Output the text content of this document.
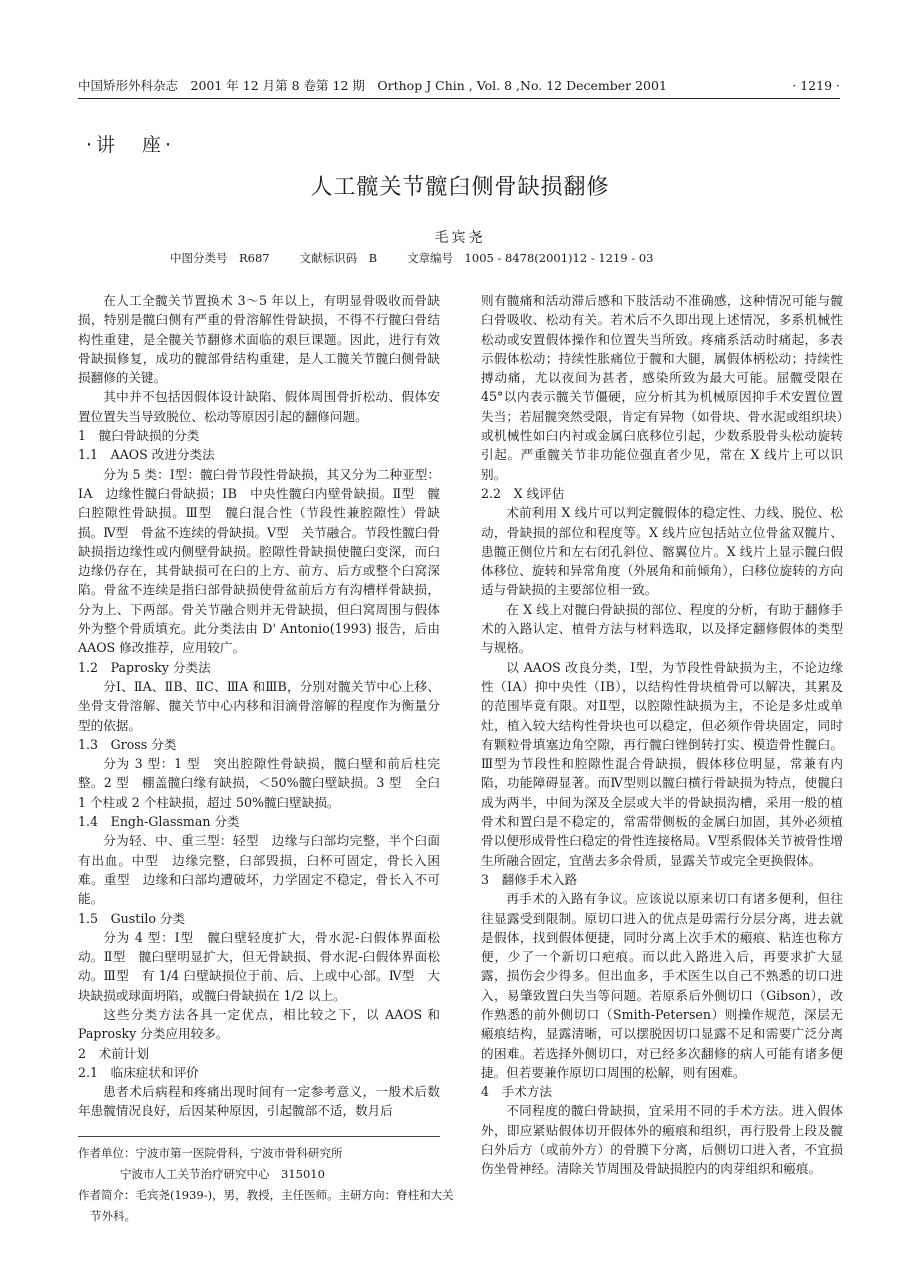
中国矫形外科杂志　2001 年 12 月第 8 卷第 12 期　Orthop J Chin , Vol. 8 ,No. 12 December 2001	· 1219 ·
·讲　座·
人工髋关节髋臼侧骨缺损翻修
毛宾尧
中图分类号　R687	文献标识码　B	文章编号　1005 - 8478(2001)12 - 1219 - 03

在人工全髋关节置换术 3～5 年以上，有明显骨吸收而骨缺损，特别是髋臼侧有严重的骨溶解性骨缺损，不得不行髋臼骨结构性重建，是全髋关节翻修术面临的艰巨课题。因此，进行有效骨缺损修复，成功的髋部骨结构重建，是人工髋关节髋臼侧骨缺损翻修的关键。

其中并不包括因假体设计缺陷、假体周围骨折松动、假体安置位置失当导致脱位、松动等原因引起的翻修问题。

1　髋臼骨缺损的分类

1.1　AAOS 改进分类法

分为 5 类：Ⅰ型：髋臼骨节段性骨缺损，其又分为二种亚型：ⅠA　边缘性髋臼骨缺损；ⅠB　中央性髋臼内壁骨缺损。Ⅱ型　髋臼腔隙性骨缺损。Ⅲ型　髋臼混合性（节段性兼腔隙性）骨缺损。Ⅳ型　骨盆不连续的骨缺损。Ⅴ型　关节融合。节段性髋臼骨缺损指边缘性或内侧壁骨缺损。腔隙性骨缺损使髋臼变深，而臼边缘仍存在，其骨缺损可在臼的上方、前方、后方或整个臼窝深陷。骨盆不连续是指臼部骨缺损使骨盆前后方有沟槽样骨缺损，分为上、下两部。骨关节融合则并无骨缺损，但臼窝周围与假体外为整个骨质填充。此分类法由 D' Antonio(1993) 报告，后由 AAOS 修改推荐，应用较广。

1.2　Paprosky 分类法

分Ⅰ、ⅡA、ⅡB、ⅡC、ⅢA 和ⅢB，分别对髋关节中心上移、坐骨支骨溶解、髋关节中心内移和泪滴骨溶解的程度作为衡量分型的依据。

1.3　Gross 分类

分为 3 型：1 型　突出腔隙性骨缺损，髋臼壁和前后柱完整。2 型　棚盖髋臼缘有缺损，＜50%髋臼壁缺损。3 型　全臼 1 个柱或 2 个柱缺损，超过 50%髋臼壁缺损。

1.4　Engh-Glassman 分类

分为轻、中、重三型：轻型　边缘与臼部均完整，半个臼面有出血。中型　边缘完整，臼部毁损，臼杯可固定，骨长入困难。重型　边缘和臼部均遭破坏，力学固定不稳定，骨长入不可能。

1.5　Gustilo 分类

分为 4 型：Ⅰ型　髋臼壁轻度扩大，骨水泥-臼假体界面松动。Ⅱ型　髋臼壁明显扩大，但无骨缺损、骨水泥-臼假体界面松动。Ⅲ型　有 1/4 臼壁缺损位于前、后、上或中心部。Ⅳ型　大块缺损或球面坍陷，或髋臼骨缺损在 1/2 以上。

这些分类方法各具一定优点，相比较之下，以 AAOS 和 Paprosky 分类应用较多。

2　术前计划

2.1　临床症状和评价

患者术后病程和疼痛出现时间有一定参考意义，一般术后数年患髋情况良好，后因某种原因，引起髋部不适，数月后

则有髋痛和活动滞后感和下肢活动不准确感，这种情况可能与髋臼骨吸收、松动有关。若术后不久即出现上述情况，多系机械性松动或安置假体操作和位置失当所致。疼痛系活动时痛起，多表示假体松动；持续性胀痛位于髋和大腿，属假体柄松动；持续性搏动痛，尤以夜间为甚者，感染所致为最大可能。屈髋受限在 45°以内表示髋关节僵硬，应分析其为机械原因抑手术安置位置失当；若屈髋突然受限，肯定有异物（如骨块、骨水泥或组织块）或机械性如臼内衬或金属臼底移位引起，少数系股骨头松动旋转引起。严重髋关节非功能位强直者少见，常在 X 线片上可以识别。

2.2　X 线评估

术前利用 X 线片可以判定髋假体的稳定性、力线、脱位、松动，骨缺损的部位和程度等。X 线片应包括站立位骨盆双髋片、患髋正侧位片和左右闭孔斜位、髂翼位片。X 线片上显示髋臼假体移位、旋转和异常角度（外展角和前倾角），臼移位旋转的方向适与骨缺损的主要部位相一致。

在 X 线上对髋臼骨缺损的部位、程度的分析，有助于翻修手术的入路认定、植骨方法与材料选取，以及择定翻修假体的类型与规格。

以 AAOS 改良分类，Ⅰ型，为节段性骨缺损为主，不论边缘性（ⅠA）抑中央性（ⅠB），以结构性骨块植骨可以解决，其累及的范围毕竟有限。对Ⅱ型，以腔隙性缺损为主，不论是多灶或单灶，植入较大结构性骨块也可以稳定，但必须作骨块固定，同时有颗粒骨填塞边角空隙，再行髋臼锉倒转打实、模造骨性髋臼。Ⅲ型为节段性和腔隙性混合骨缺损，假体移位明显，常兼有内陷，功能障碍显著。而Ⅳ型则以髋臼横行骨缺损为特点，使髋臼成为两半，中间为深及全层或大半的骨缺损沟槽，采用一般的植骨术和置臼是不稳定的，常需带侧板的金属臼加固，其外必须植骨以便形成骨性臼稳定的骨性连接格局。Ⅴ型系假体关节被骨性增生所融合固定，宜凿去多余骨质，显露关节或完全更换假体。

3　翻修手术入路

再手术的入路有争议。应该说以原来切口有诸多便利，但往往显露受到限制。原切口进入的优点是毋需行分层分离，进去就是假体，找到假体便捷，同时分离上次手术的瘢痕、粘连也称方便，少了一个新切口疤痕。而以此入路进入后，再要求扩大显露，损伤会少得多。但出血多，手术医生以自己不熟悉的切口进入，易肇致置臼失当等问题。若原系后外侧切口（Gibson），改作熟悉的前外侧切口（Smith-Petersen）则操作规范，深层无瘢痕结构，显露清晰，可以摆脱因切口显露不足和需要广泛分离的困难。若选择外侧切口，对已经多次翻修的病人可能有诸多便捷。但若要兼作原切口周围的松解，则有困难。

4　手术方法

不同程度的髋臼骨缺损，宜采用不同的手术方法。进入假体外，即应紧贴假体切开假体外的瘢痕和组织，再行股骨上段及髋臼外后方（或前外方）的骨膜下分离，后侧切口进入者，不宜损伤坐骨神经。清除关节周围及骨缺损腔内的肉芽组织和瘢痕。

作者单位：宁波市第一医院骨科，宁波市骨科研究所
宁波市人工关节治疗研究中心　315010
作者简介：毛宾尧(1939-)，男，教授，主任医师。主研方向：脊柱和大关
节外科。
